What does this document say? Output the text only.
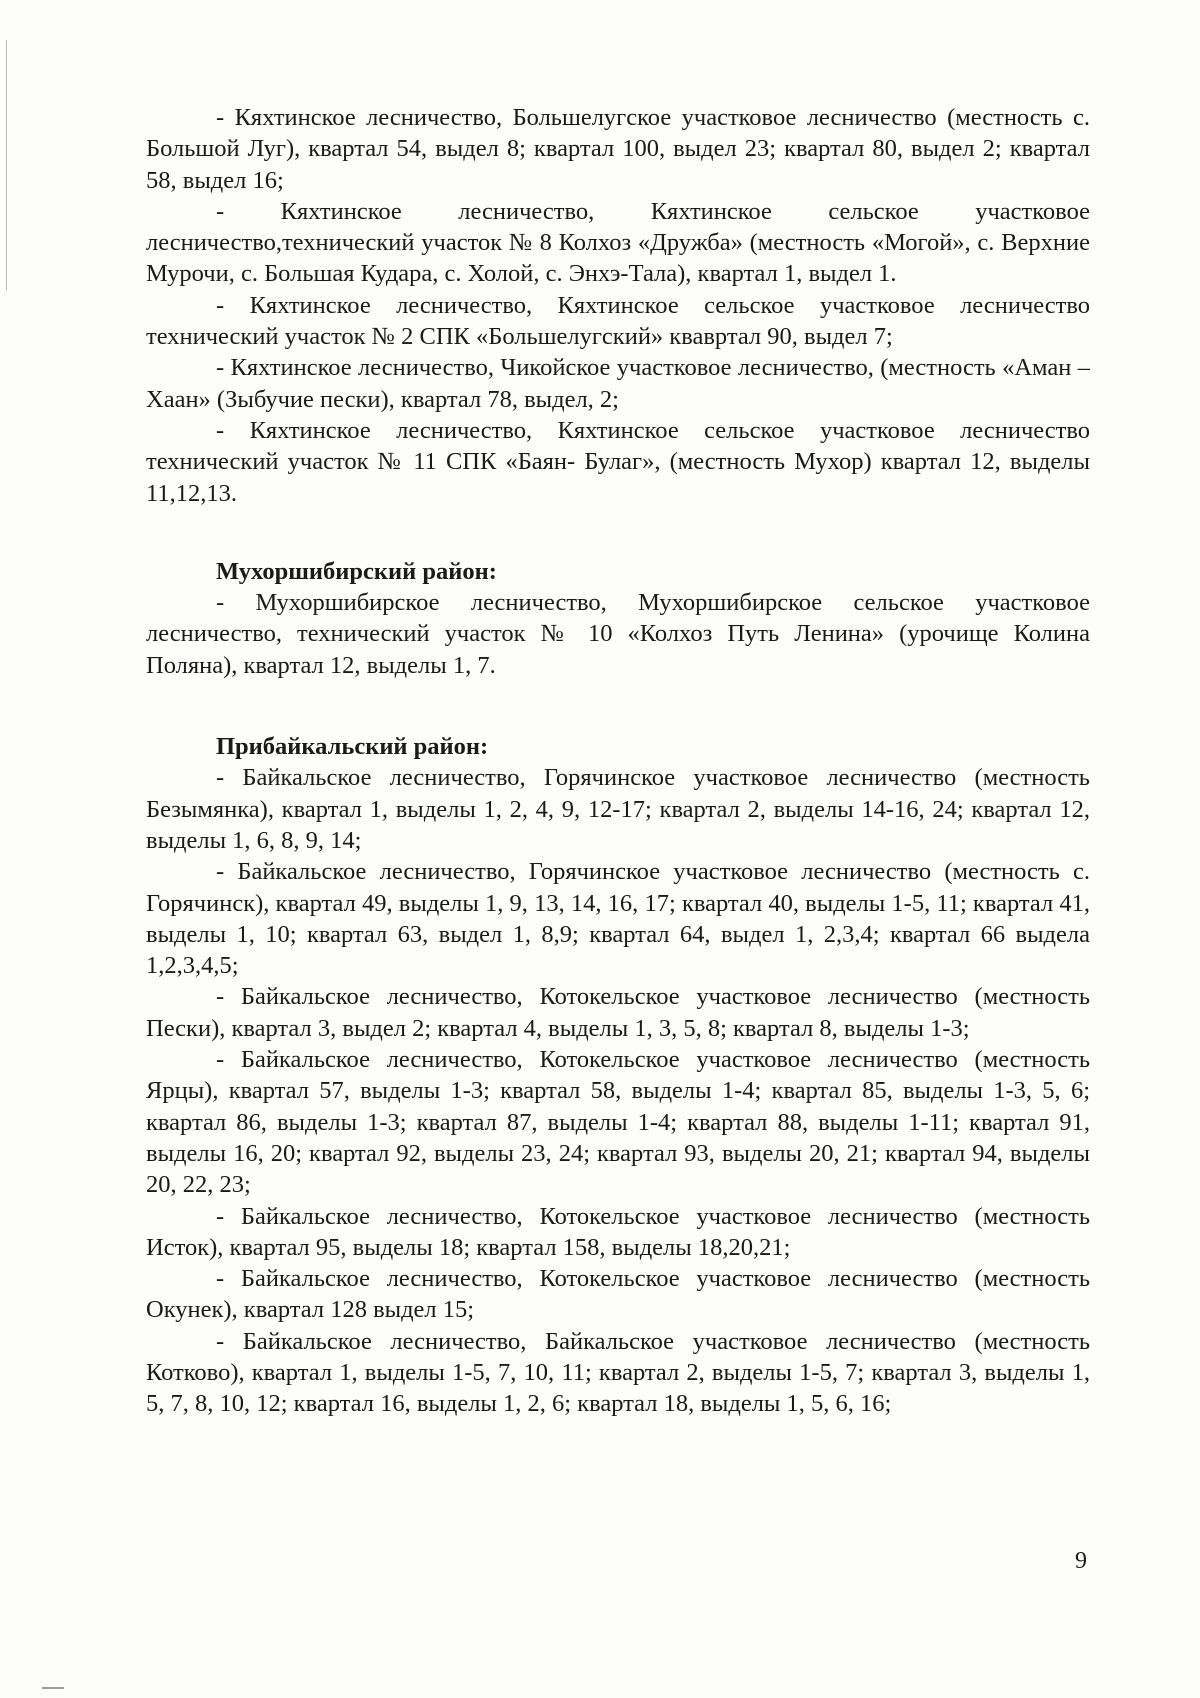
- Кяхтинское лесничество, Большелугское участковое лесничество (местность с. Большой Луг), квартал 54, выдел 8; квартал 100, выдел 23; квартал 80, выдел 2; квартал 58, выдел 16;

- Кяхтинское лесничество, Кяхтинское сельское участковое лесничество,технический участок № 8 Колхоз «Дружба» (местность «Могой», с. Верхние Мурочи, с. Большая Кудара, с. Холой, с. Энхэ-Тала), квартал 1, выдел 1.

- Кяхтинское лесничество, Кяхтинское сельское участковое лесничество технический участок № 2 СПК «Большелугский» квавртал 90, выдел 7;

- Кяхтинское лесничество, Чикойское участковое лесничество, (местность «Аман –Хаан» (Зыбучие пески), квартал 78, выдел, 2;

- Кяхтинское лесничество, Кяхтинское сельское участковое лесничество технический участок № 11 СПК «Баян- Булаг», (местность Мухор) квартал 12, выделы 11,12,13.

Мухоршибирский район:

- Мухоршибирское лесничество, Мухоршибирское сельское участковое лесничество, технический участок № 10 «Колхоз Путь Ленина» (урочище Колина Поляна), квартал 12, выделы 1, 7.

Прибайкальский район:

- Байкальское лесничество, Горячинское участковое лесничество (местность Безымянка), квартал 1, выделы 1, 2, 4, 9, 12-17; квартал 2, выделы 14-16, 24; квартал 12, выделы 1, 6, 8, 9, 14;

- Байкальское лесничество, Горячинское участковое лесничество (местность с. Горячинск), квартал 49, выделы 1, 9, 13, 14, 16, 17; квартал 40, выделы 1-5, 11; квартал 41, выделы 1, 10; квартал 63, выдел 1, 8,9; квартал 64, выдел 1, 2,3,4; квартал 66 выдела 1,2,3,4,5;

- Байкальское лесничество, Котокельское участковое лесничество (местность Пески), квартал 3, выдел 2; квартал 4, выделы 1, 3, 5, 8; квартал 8, выделы 1-3;

- Байкальское лесничество, Котокельское участковое лесничество (местность Ярцы), квартал 57, выделы 1-3; квартал 58, выделы 1-4; квартал 85, выделы 1-3, 5, 6; квартал 86, выделы 1-3; квартал 87, выделы 1-4; квартал 88, выделы 1-11; квартал 91, выделы 16, 20; квартал 92, выделы 23, 24; квартал 93, выделы 20, 21; квартал 94, выделы 20, 22, 23;

- Байкальское лесничество, Котокельское участковое лесничество (местность Исток), квартал 95, выделы 18; квартал 158, выделы 18,20,21;

- Байкальское лесничество, Котокельское участковое лесничество (местность Окунек), квартал 128 выдел 15;

- Байкальское лесничество, Байкальское участковое лесничество (местность Котково), квартал 1, выделы 1-5, 7, 10, 11; квартал 2, выделы 1-5, 7; квартал 3, выделы 1, 5, 7, 8, 10, 12; квартал 16, выделы 1, 2, 6; квартал 18, выделы 1, 5, 6, 16;

9
